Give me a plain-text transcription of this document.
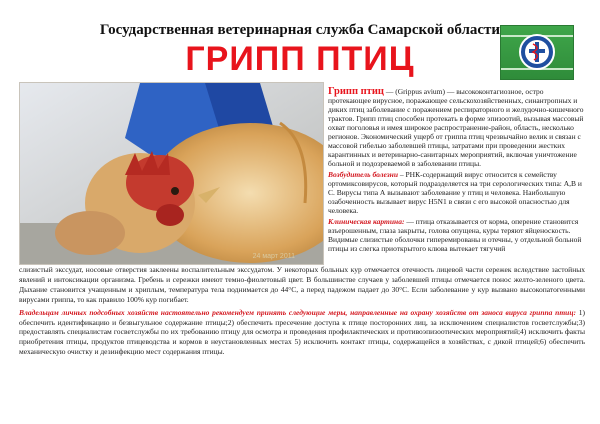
Государственная ветеринарная служба Самарской области
ГРИПП ПТИЦ
24 март 2011

Грипп птиц — (Grippus avium) — высококонтагиозное, остро протекающее вирусное, поражающее сельскохозяйственных, синантропных и диких птиц заболевание с поражением респираторного и желудочно-кишечного трактов. Грипп птиц способен протекать в форме эпизоотий, вызывая массовый охват поголовья и имея широкое распространение-район, область, несколько регионов. Экономический ущерб от гриппа птиц чрезвычайно велик и связан с массовой гибелью заболевшей птицы, затратами при проведении жестких карантинных и ветеринарно-санитарных мероприятий, включая уничтожение больной и подозреваемой в заболевании птицы.

Возбудитель болезни – РНК-содержащий вирус относится к семейству ортомиксовирусов, который подразделяется на три серологических типа: А,В и С. Вирусы типа А вызывают заболевание у птиц и человека. Наибольшую озабоченность вызывает вирус H5N1 в связи с его высокой опасностью для человека.

Клиническая картина: — птица отказывается от корма, оперение становится взъерошенным, глаза закрыты, голова опущена, куры теряют яйценоскость. Видимые слизистые оболочки гиперемированы и отечны, у отдельной больной птицы из слегка приоткрытого клюва вытекает тягучий

слизистый экссудат, носовые отверстия заклеены воспалительным экссудатом. У некоторых больных кур отмечается отечность лицевой части сережек вследствие застойных явлений и интоксикации организма. Гребень и сережки имеют темно-фиолетовый цвет. В большинстве случаев у заболевшей птицы отмечается понос желто-зеленого цвета. Дыхание становится учащенным и хриплым, температура тела поднимается до 44°С, а перед падежом падает до 30°С. Если заболевание у кур вызвано высокопатогенными вирусами гриппа, то как правило 100% кур погибает.

Владельцам личных подсобных хозяйств настоятельно рекомендуем принять следующие меры, направленные на охрану хозяйств от заноса вируса гриппа птиц: 1) обеспечить идентификацию и безвыгульное содержание птицы;2) обеспечить пресечение доступа к птице посторонних лиц, за исключением специалистов госветслужбы;3) предоставлять специалистам госветслужбы по их требованию птицу для осмотра и проведения профилактических и противоэпизоотических мероприятий;4) исключить факты приобретения птицы, продуктов птицеводства и кормов в неустановленных местах 5) исключить контакт птицы, содержащейся в хозяйствах, с дикой птицей;6) обеспечить механическую очистку и дезинфекцию мест содержания птицы.
